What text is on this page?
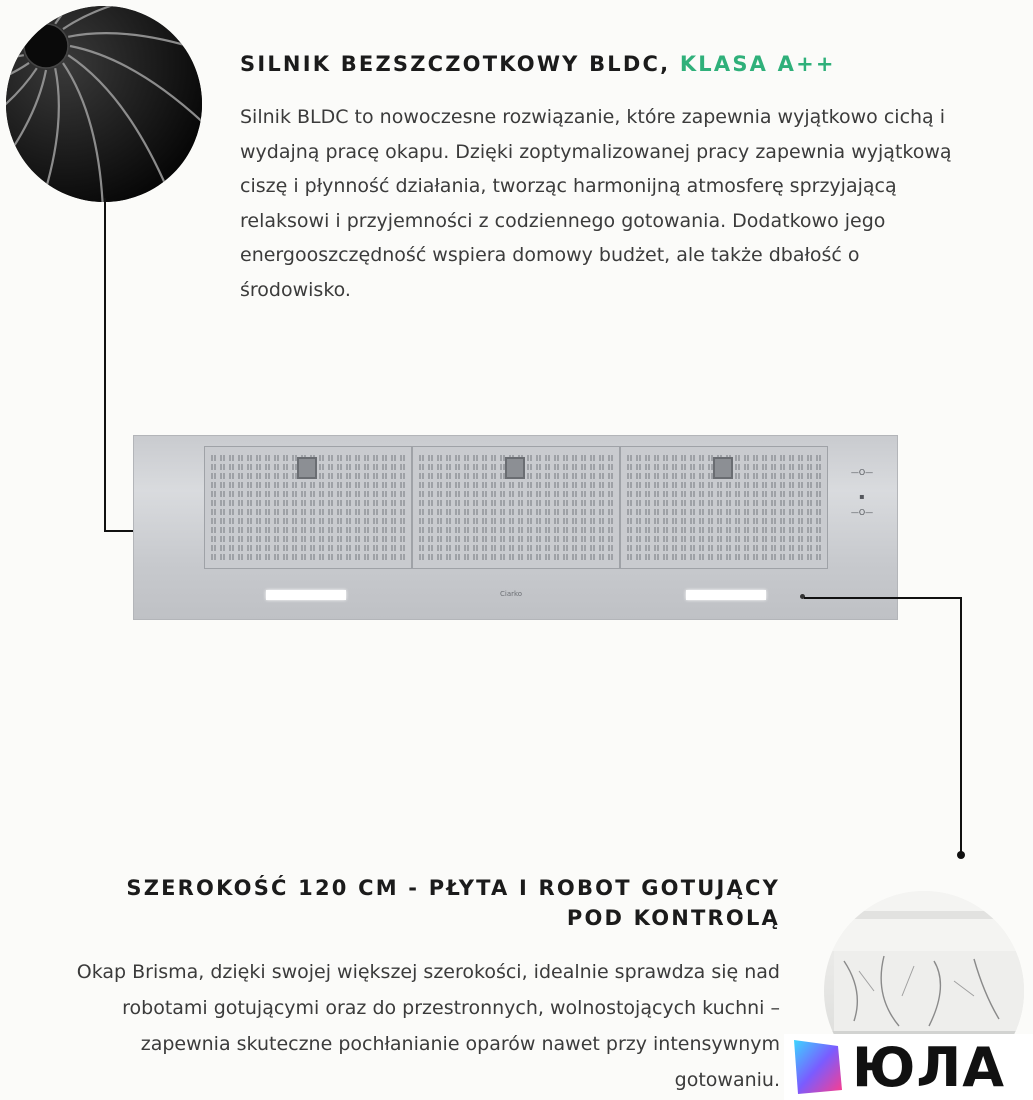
SILNIK BEZSZCZOTKOWY BLDC, KLASA A++
Silnik BLDC to nowoczesne rozwiązanie, które zapewnia wyjątkowo cichą i wydajną pracę okapu. Dzięki zoptymalizowanej pracy zapewnia wyjątkową ciszę i płynność działania, tworząc harmonijną atmosferę sprzyjającą relaksowi i przyjemności z codziennego gotowania. Dodatkowo jego energooszczędność wspiera domowy budżet, ale także dbałość o środowisko.
—O—
▪
—O—
Ciarko
SZEROKOŚĆ 120 CM - PŁYTA I ROBOT GOTUJĄCY
POD KONTROLĄ
Okap Brisma, dzięki swojej większej szerokości, idealnie sprawdza się nad robotami gotującymi oraz do przestronnych, wolnostojących kuchni – zapewnia skuteczne pochłanianie oparów nawet przy intensywnym gotowaniu. ЮЛА
